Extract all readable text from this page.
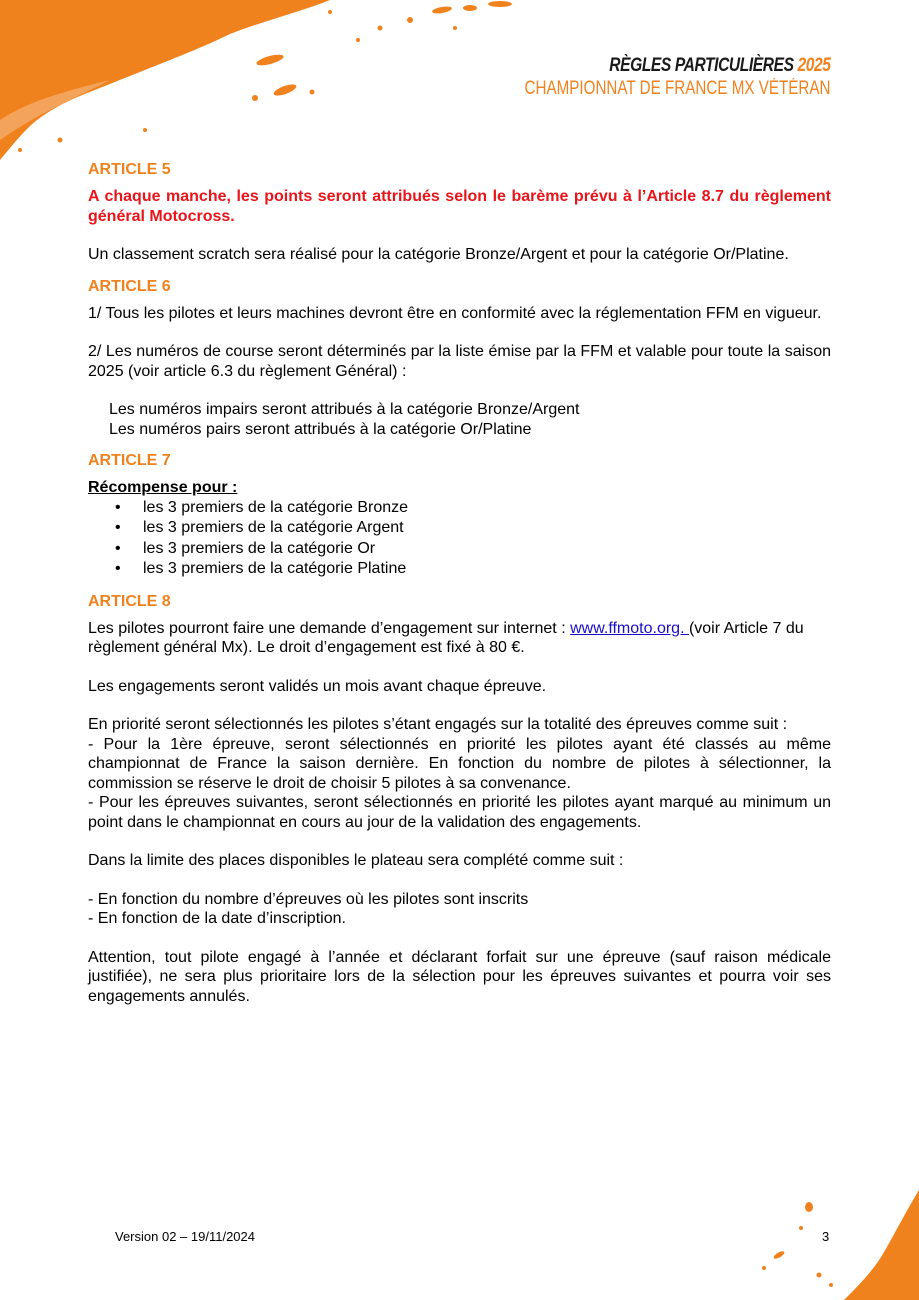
RÈGLES PARTICULIÈRES 2025
CHAMPIONNAT DE FRANCE MX VÉTÉRAN
ARTICLE 5

A chaque manche, les points seront attribués selon le barème prévu à l’Article 8.7 du règlement général Motocross.

Un classement scratch sera réalisé pour la catégorie Bronze/Argent et pour la catégorie Or/Platine.

ARTICLE 6

1/ Tous les pilotes et leurs machines devront être en conformité avec la réglementation FFM en vigueur.

2/ Les numéros de course seront déterminés par la liste émise par la FFM et valable pour toute la saison 2025 (voir article 6.3 du règlement Général) :

Les numéros impairs seront attribués à la catégorie Bronze/Argent

Les numéros pairs seront attribués à la catégorie Or/Platine

ARTICLE 7

Récompense pour :

• les 3 premiers de la catégorie Bronze
• les 3 premiers de la catégorie Argent
• les 3 premiers de la catégorie Or
• les 3 premiers de la catégorie Platine
ARTICLE 8

Les pilotes pourront faire une demande d’engagement sur internet : www.ffmoto.org. (voir Article 7 du règlement général Mx). Le droit d’engagement est fixé à 80 €.

Les engagements seront validés un mois avant chaque épreuve.

En priorité seront sélectionnés les pilotes s’étant engagés sur la totalité des épreuves comme suit :

- Pour la 1ère épreuve, seront sélectionnés en priorité les pilotes ayant été classés au même championnat de France la saison dernière. En fonction du nombre de pilotes à sélectionner, la commission se réserve le droit de choisir 5 pilotes à sa convenance.

- Pour les épreuves suivantes, seront sélectionnés en priorité les pilotes ayant marqué au minimum un point dans le championnat en cours au jour de la validation des engagements.

Dans la limite des places disponibles le plateau sera complété comme suit :

- En fonction du nombre d’épreuves où les pilotes sont inscrits

- En fonction de la date d’inscription.

Attention, tout pilote engagé à l’année et déclarant forfait sur une épreuve (sauf raison médicale justifiée), ne sera plus prioritaire lors de la sélection pour les épreuves suivantes et pourra voir ses engagements annulés.

Version 02 – 19/11/2024	3
